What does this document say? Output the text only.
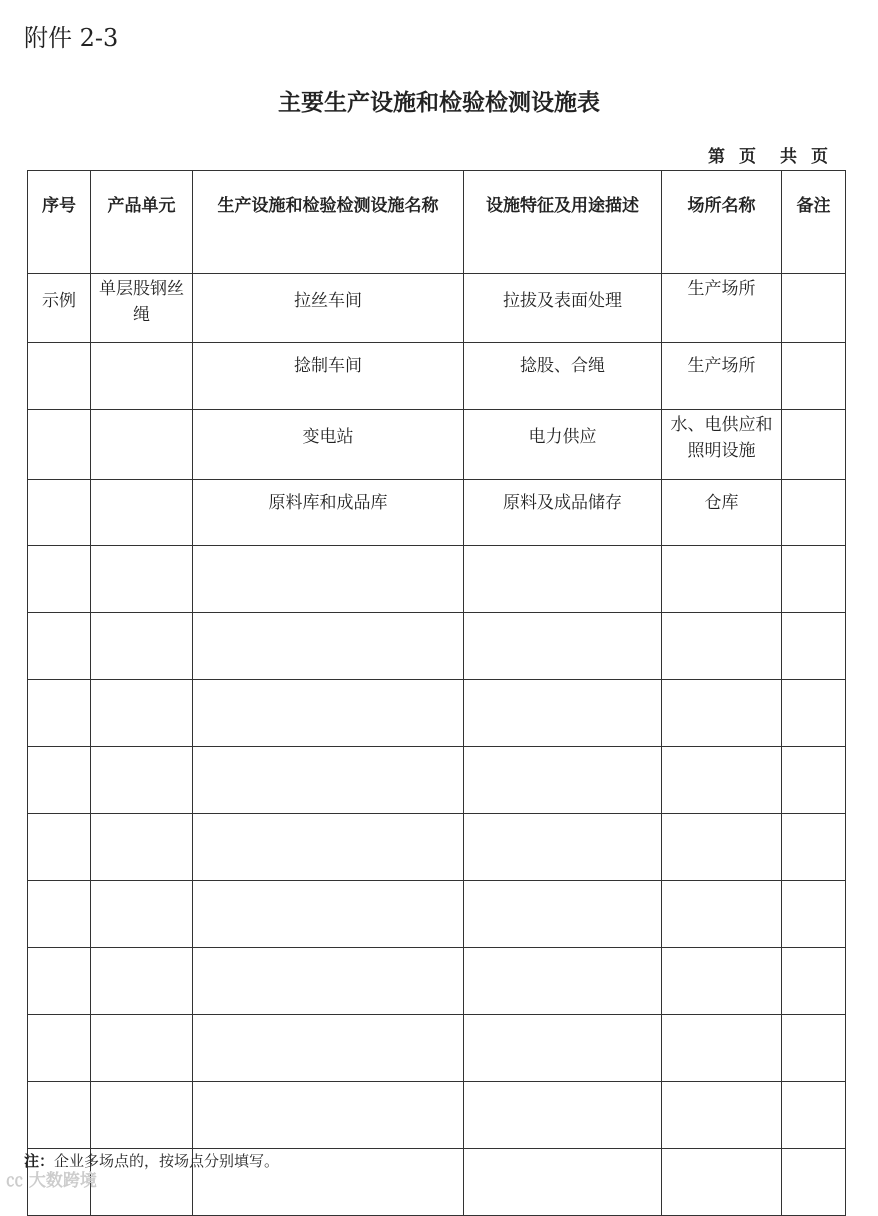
附件 2-3
主要生产设施和检验检测设施表
第 页 共 页
序号	产品单元	生产设施和检验检测设施名称	设施特征及用途描述	场所名称	备注
示例	单层股钢丝绳	拉丝车间	拉拔及表面处理	生产场所	
		捻制车间	捻股、合绳	生产场所	
		变电站	电力供应	水、电供应和照明设施	
		原料库和成品库	原料及成品储存	仓库	

注：企业多场点的，按场点分别填写。
㏄ 大数跨境
